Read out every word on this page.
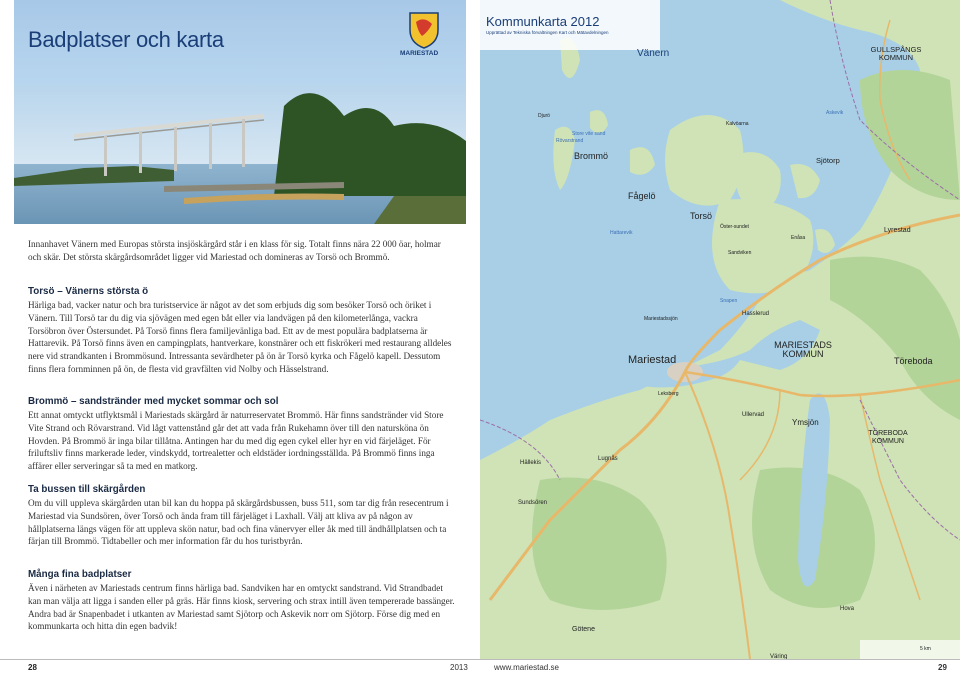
Badplatser och karta
Innanhavet Vänern med Europas största insjöskärgård står i en klass för sig. Totalt finns nära 22 000 öar, holmar och skär. Det största skärgårdsområdet ligger vid Mariestad och domineras av Torsö och Brommö.
Torsö – Vänerns största ö

Härliga bad, vacker natur och bra turistservice är något av det som erbjuds dig som besöker Torsö och öriket i Vänern. Till Torsö tar du dig via sjövägen med egen båt eller via landvägen på den kilometerlånga, vackra Torsöbron över Östersundet. På Torsö finns flera familjevänliga bad. Ett av de mest populära badplatserna är Hattarevik. På Torsö finns även en campingplats, hantverkare, konstnärer och ett fiskrökeri med restaurang alldeles nere vid strandkanten i Brommösund. Intressanta sevärdheter på ön är Torsö kyrka och Fågelö kapell. Dessutom finns flera fornminnen på ön, de flesta vid gravfälten vid Nolby och Hässelstrand.

Brommö – sandstränder med mycket sommar och sol

Ett annat omtyckt utflyktsmål i Mariestads skärgård är naturreservatet Brommö. Här finns sandstränder vid Store Vite Strand och Rövarstrand. Vid lågt vattenstånd går det att vada från Rukehamn över till den natursköna ön Hovden. På Brommö är inga bilar tillåtna. Antingen har du med dig egen cykel eller hyr en vid färjeläget. För friluftsliv finns markerade leder, vindskydd, tortrealetter och eldstäder iordningsställda. På Brommö finns inga affärer eller serveringar så ta med en matkorg.

Ta bussen till skärgården

Om du vill uppleva skärgården utan bil kan du hoppa på skärgårdsbussen, buss 511, som tar dig från resecentrum i Mariestad via Sundsören, över Torsö och ända fram till färjeläget i Laxhall. Välj att kliva av på någon av hållplatserna längs vägen för att uppleva skön natur, bad och fina vänervyer eller åk med till ändhållplatsen och ta färjan till Brommö. Tidtabeller och mer information får du hos turistbyrån.

Många fina badplatser

Även i närheten av Mariestads centrum finns härliga bad. Sandviken har en omtyckt sandstrand. Vid Strandbadet kan man välja att ligga i sanden eller på gräs. Här finns kiosk, servering och strax intill även tempererade bassänger. Andra bad är Snapenbadet i utkanten av Mariestad samt Sjötorp och Askevik norr om Sjötorp. Förse dig med en kommunkarta och hitta din egen badvik!

28
Kommunkarta 2012
Upprättad av Tekniska förvaltningen Kart och Mätavdelningen
Vänern
Brommö
Fågelö
Torsö
Mariestad
MARIESTADS KOMMUN
TÖREBODA KOMMUN
GULLSPÅNGS KOMMUN
Töreboda
Sjötorp
Lyrestad
Hasslerud
Ymsjön
Ullervad
Lugnås
Hova
Götene
Hällekis
Sundsören
Sandviken
Hattarevik
Snapen
Askevik
Djurö
Väring
Mariestadssjön
Kalvöarna
Leksberg
Öster-sundet
Enåsa
Rövarstrand
Store vite sand
5 km
MARIESTAD
2013	www.mariestad.se	29
